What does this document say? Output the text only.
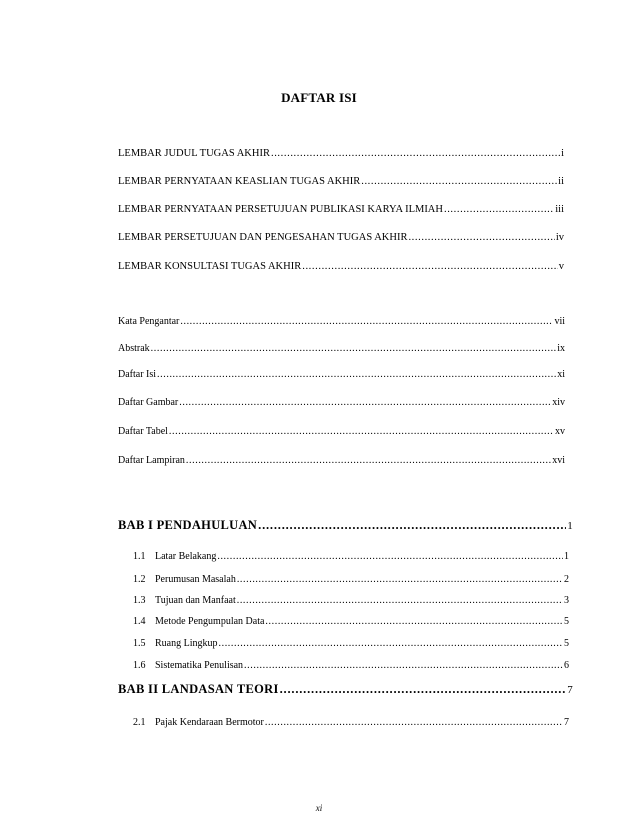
DAFTAR ISI
LEMBAR JUDUL TUGAS AKHIR .....	i
LEMBAR PERNYATAAN KEASLIAN TUGAS AKHIR .....	ii
LEMBAR PERNYATAAN PERSETUJUAN PUBLIKASI KARYA ILMIAH .....	iii
LEMBAR PERSETUJUAN DAN PENGESAHAN TUGAS AKHIR .....	iv
LEMBAR KONSULTASI TUGAS AKHIR .....	v
Kata Pengantar .....	vii
Abstrak .....	ix
Daftar Isi .....	xi
Daftar Gambar .....	xiv
Daftar Tabel .....	xv
Daftar Lampiran .....	xvi
BAB I PENDAHULUAN .....	1
1.1 Latar Belakang .....	1
1.2 Perumusan Masalah .....	2
1.3 Tujuan dan Manfaat .....	3
1.4 Metode Pengumpulan Data .....	5
1.5 Ruang Lingkup .....	5
1.6 Sistematika Penulisan .....	6
BAB II LANDASAN TEORI .....	7
2.1 Pajak Kendaraan Bermotor .....	7
xi
